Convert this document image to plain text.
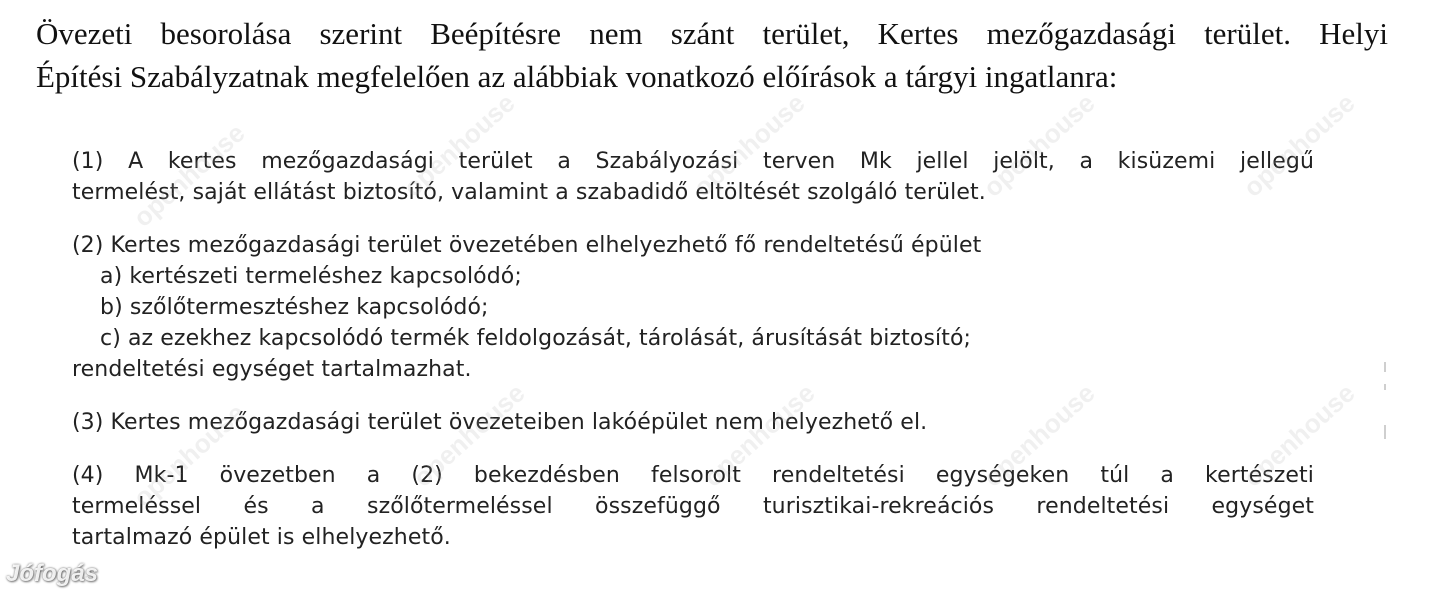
Övezeti besorolása szerint Beépítésre nem szánt terület, Kertes mezőgazdasági terület. Helyi
Építési Szabályzatnak megfelelően az alábbiak vonatkozó előírások a tárgyi ingatlanra:

(1) A kertes mezőgazdasági terület a Szabályozási terven Mk jellel jelölt, a kisüzemi jellegű
termelést, saját ellátást biztosító, valamint a szabadidő eltöltését szolgáló terület.
(2) Kertes mezőgazdasági terület övezetében elhelyezhető fő rendeltetésű épület
a) kertészeti termeléshez kapcsolódó;
b) szőlőtermesztéshez kapcsolódó;
c) az ezekhez kapcsolódó termék feldolgozását, tárolását, árusítását biztosító;
rendeltetési egységet tartalmazhat.
(3) Kertes mezőgazdasági terület övezeteiben lakóépület nem helyezhető el.
(4) Mk-1 övezetben a (2) bekezdésben felsorolt rendeltetési egységeken túl a kertészeti
termeléssel és a szőlőtermeléssel összefüggő turisztikai-rekreációs rendeltetési egységet
tartalmazó épület is elhelyezhető.
openhouse	openhouse	openhouse	openhouse	openhouse
openhouse	openhouse	openhouse	openhouse	openhouse
Jófogás
